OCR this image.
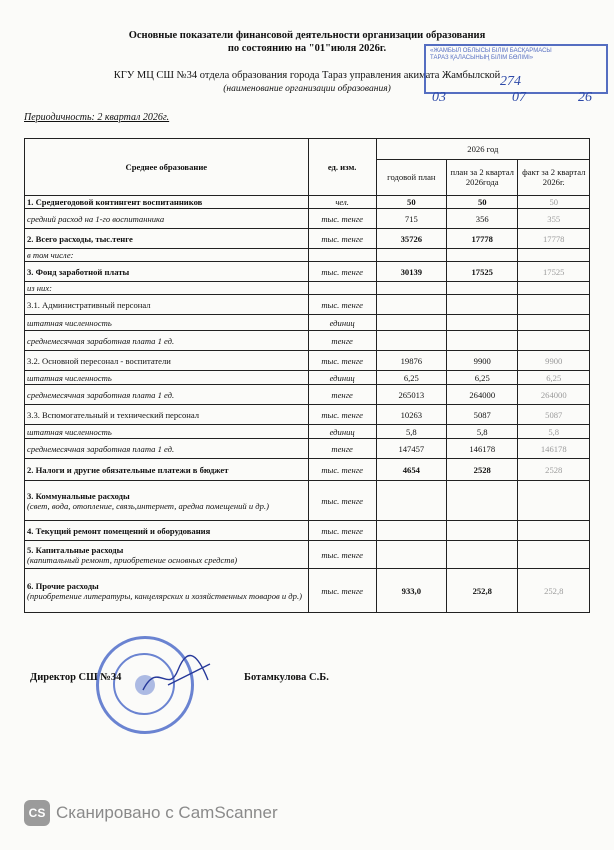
Основные показатели финансовой деятельности организации образования
по состоянию на "01"июля 2026г.
КГУ МЦ СШ №34 отдела образования города Тараз управления акимата Жамбылской
(наименование организации образования)
Периодичность: 2 квартал 2026г.
«ЖАМБЫЛ ОБЛЫСЫ БІЛІМ БАСҚАРМАСЫ
ТАРАЗ ҚАЛАСЫНЫҢ БІЛІМ БӨЛІМІ»
274
03	07	26
Среднее образование	ед. изм.	2026 год		
		годовой план	план за 2 квартал 2026года	факт за 2 квартал 2026г.

1. Среднегодовой контингент воспитанников	чел.	50	50	50

средний расход на 1-го воспитанника	тыс. тенге	715	356	355

2. Всего расходы, тыс.тенге	тыс. тенге	35726	17778	17778

в том числе:				

3. Фонд заработной платы	тыс. тенге	30139	17525	17525

из них:				

3.1. Административный персонал	тыс. тенге			

штатная численность	единиц			

среднемесячная заработная плата 1 ед.	тенге			

3.2. Основной пересонал - воспитатели	тыс. тенге	19876	9900	9900

штатная численность	единиц	6,25	6,25	6,25

среднемесячная заработная плата 1 ед.	тенге	265013	264000	264000

3.3. Вспомогательный и технический персонал	тыс. тенге	10263	5087	5087

штатная численность	единиц	5,8	5,8	5,8

среднемесячная заработная плата 1 ед.	тенге	147457	146178	146178

2. Налоги и другие обязательные платежи в бюджет	тыс. тенге	4654	2528	2528

3. Коммунальные расходы
(свет, вода, отопление, связь,интернет, аредна помещений и др.)	тыс. тенге			

4. Текущий ремонт помещений и оборудования	тыс. тенге			

5. Капитальные расходы
(капитальный ремонт, приобретение основных средств)	тыс. тенге			

6. Прочие расходы
(приобретение литературы, канцелярских и хозяйственных товаров и др.)	тыс. тенге	933,0	252,8	252,8
Директор СШ №34	Ботамкулова С.Б.
CS Сканировано с CamScanner
